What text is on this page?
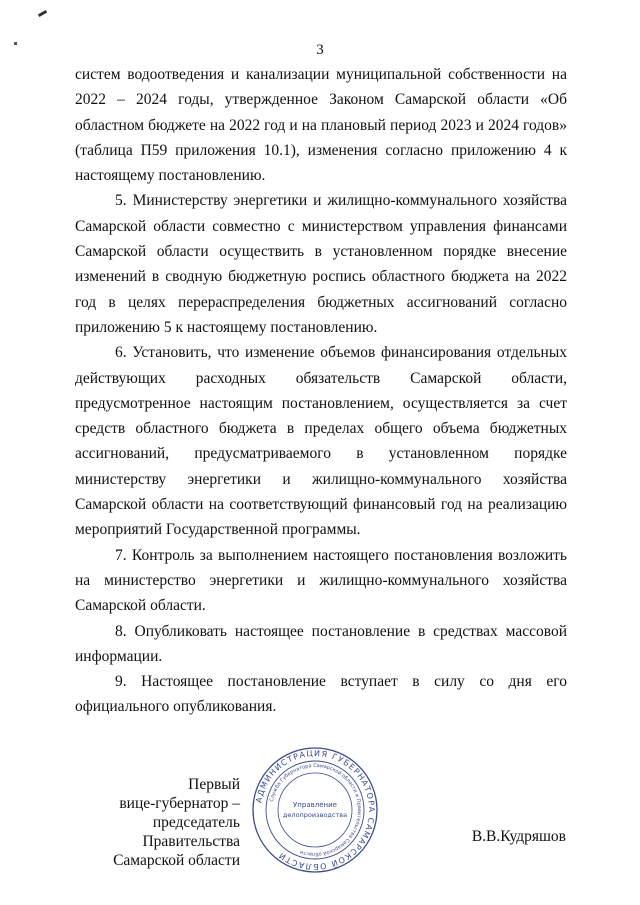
3

систем водоотведения и канализации муниципальной собственности на 2022 – 2024 годы, утвержденное Законом Самарской области «Об областном бюджете на 2022 год и на плановый период 2023 и 2024 годов» (таблица П59 приложения 10.1), изменения согласно приложению 4 к настоящему постановлению.

5. Министерству энергетики и жилищно-коммунального хозяйства Самарской области совместно с министерством управления финансами Самарской области осуществить в установленном порядке внесение изменений в сводную бюджетную роспись областного бюджета на 2022 год в целях перераспределения бюджетных ассигнований согласно приложению 5 к настоящему постановлению.

6. Установить, что изменение объемов финансирования отдельных действующих расходных обязательств Самарской области, предусмотренное настоящим постановлением, осуществляется за счет средств областного бюджета в пределах общего объема бюджетных ассигнований, предусматриваемого в установленном порядке министерству энергетики и жилищно-коммунального хозяйства Самарской области на соответствующий финансовый год на реализацию мероприятий Государственной программы.

7. Контроль за выполнением настоящего постановления возложить на министерство энергетики и жилищно-коммунального хозяйства Самарской области.

8. Опубликовать настоящее постановление в средствах массовой информации.

9. Настоящее постановление вступает в силу со дня его официального опубликования.

Первый
вице-губернатор –
председатель Правительства
Самарской области
АДМИНИСТРАЦИЯ ГУБЕРНАТОРА САМАРСКОЙ ОБЛАСТИ
Служба Губернатора Самарской области и Правительства Самарской области
Управление
делопроизводства
В.В.Кудряшов
